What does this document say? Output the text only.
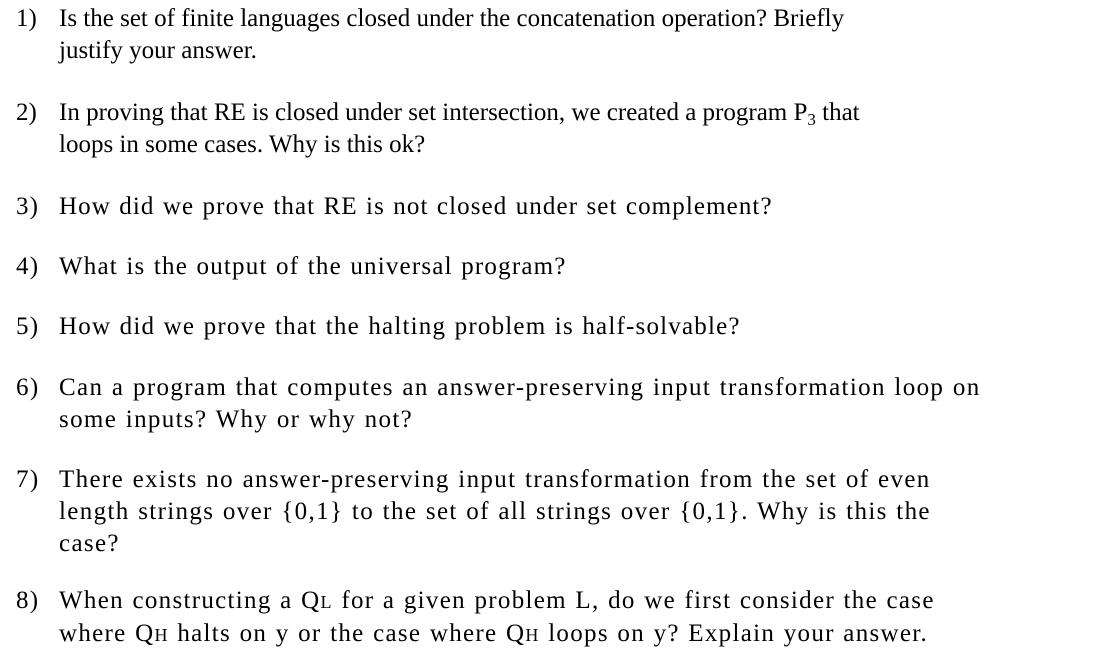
1) Is the set of finite languages closed under the concatenation operation? Briefly
justify your answer.
2) In proving that RE is closed under set intersection, we created a program $P_3$ that
loops in some cases. Why is this ok?
3) How did we prove that RE is not closed under set complement?
4) What is the output of the universal program?
5) How did we prove that the halting problem is half-solvable?
6) Can a program that computes an answer-preserving input transformation loop on
some inputs? Why or why not?
7) There exists no answer-preserving input transformation from the set of even
length strings over {0,1} to the set of all strings over {0,1}. Why is this the
case?
8) When constructing a QL for a given problem L, do we first consider the case
where QH halts on y or the case where QH loops on y? Explain your answer.
